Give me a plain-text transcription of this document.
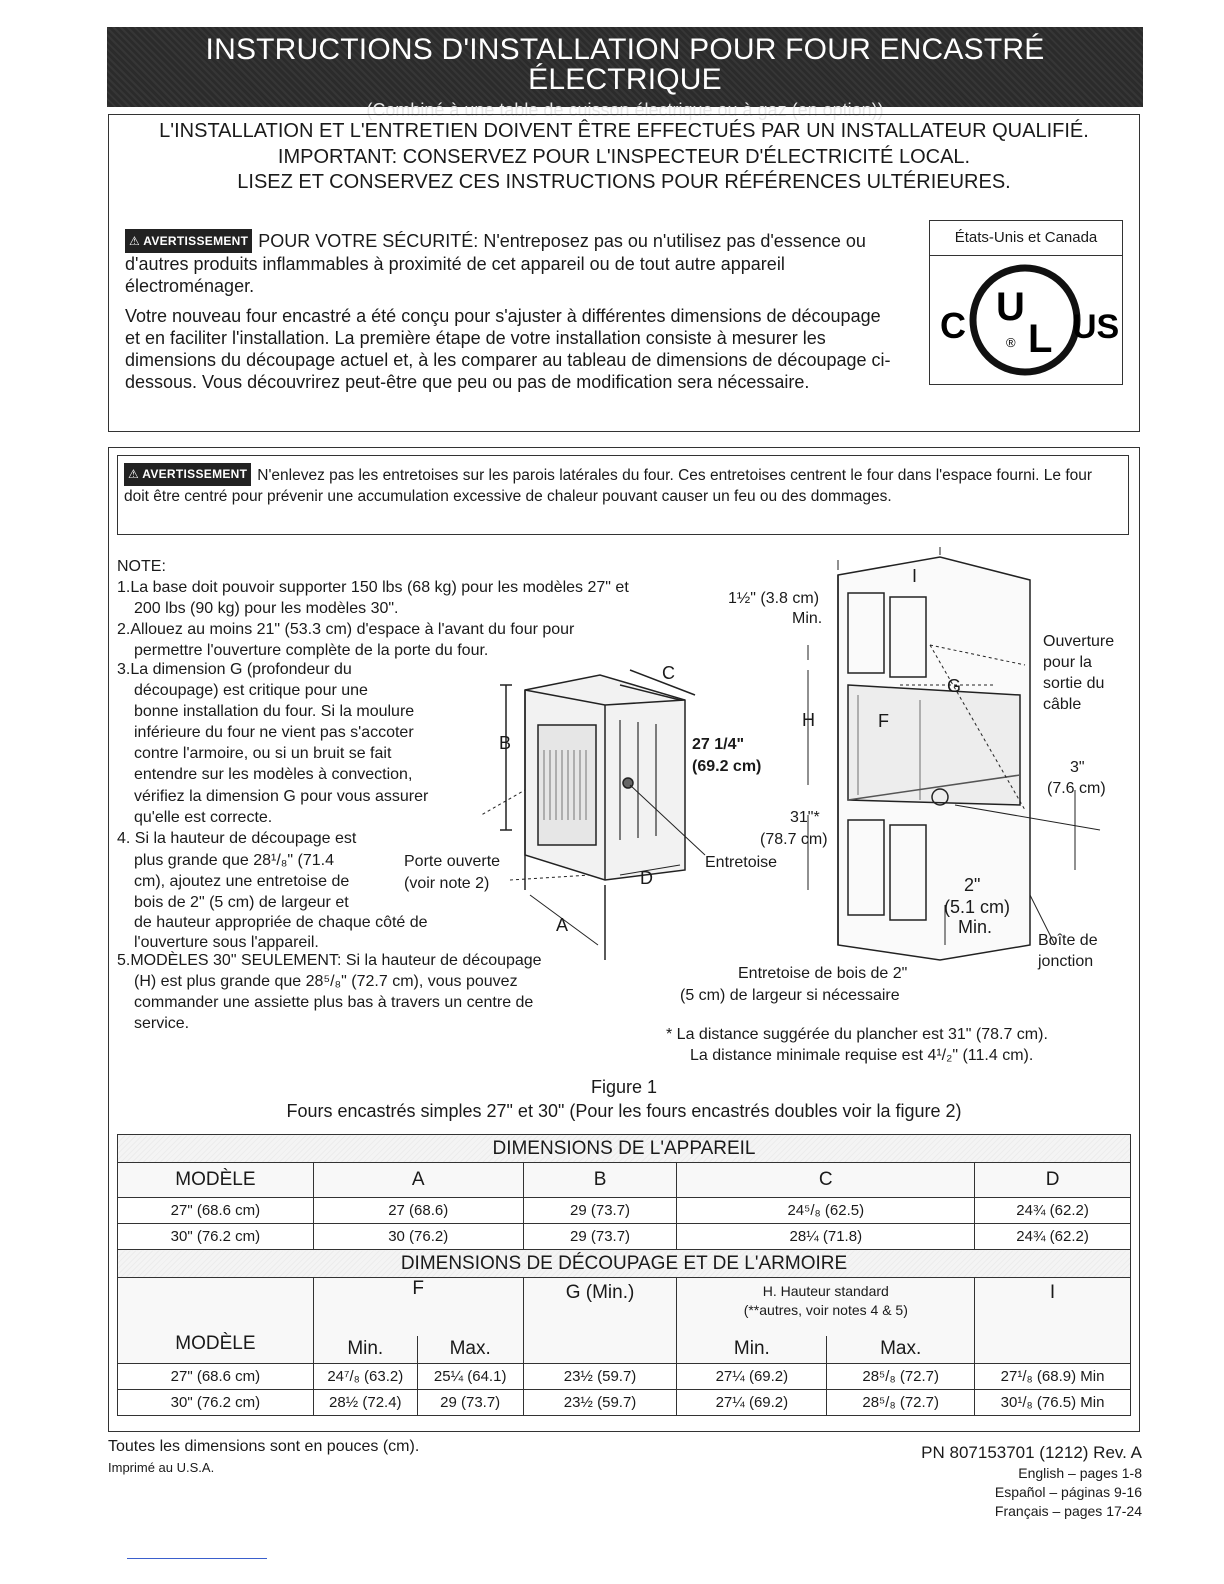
INSTRUCTIONS D'INSTALLATION POUR FOUR ENCASTRÉ ÉLECTRIQUE
(Combiné à une table de cuisson électrique ou à gaz (en option))
L'INSTALLATION ET L'ENTRETIEN DOIVENT ÊTRE EFFECTUÉS PAR UN INSTALLATEUR QUALIFIÉ.
IMPORTANT: CONSERVEZ POUR L'INSPECTEUR D'ÉLECTRICITÉ LOCAL.
LISEZ ET CONSERVEZ CES INSTRUCTIONS POUR RÉFÉRENCES ULTÉRIEURES.
⚠ AVERTISSEMENT POUR VOTRE SÉCURITÉ: N'entreposez pas ou n'utilisez pas d'essence ou d'autres produits inflammables à proximité de cet appareil ou de tout autre appareil électroménager.
Votre nouveau four encastré a été conçu pour s'ajuster à différentes dimensions de découpage et en faciliter l'installation. La première étape de votre installation consiste à mesurer les dimensions du découpage actuel et, à les comparer au tableau de dimensions de découpage ci-dessous. Vous découvrirez peut-être que peu ou pas de modification sera nécessaire.
États-Unis et Canada
C	US
U
L
®
⚠ AVERTISSEMENT N'enlevez pas les entretoises sur les parois latérales du four. Ces entretoises centrent le four dans l'espace fourni. Le four doit être centré pour prévenir une accumulation excessive de chaleur pouvant causer un feu ou des dommages.
NOTE:
1.La base doit pouvoir supporter 150 lbs (68 kg) pour les modèles 27" et
200 lbs (90 kg) pour les modèles 30".
2.Allouez au moins 21" (53.3 cm) d'espace à l'avant du four pour
permettre l'ouverture complète de la porte du four.
3.La dimension G (profondeur du
découpage) est critique pour une
bonne installation du four. Si la moulure
inférieure du four ne vient pas s'accoter
contre l'armoire, ou si un bruit se fait
entendre sur les modèles à convection,
vérifiez la dimension G pour vous assurer
qu'elle est correcte.
4. Si la hauteur de découpage est
plus grande que 28¹/₈" (71.4
cm), ajoutez une entretoise de
bois de 2" (5 cm) de largeur et
de hauteur appropriée de chaque côté de
l'ouverture sous l'appareil.
5.MODÈLES 30" SEULEMENT: Si la hauteur de découpage
(H) est plus grande que 28⁵/₈" (72.7 cm), vous pouvez
commander une assiette plus bas à travers un centre de
service.
B
C
D
A
27 1/4"
(69.2 cm)
Entretoise
Porte ouverte
(voir note 2)
1½" (3.8 cm)
Min.
H
I
G
F
31"*
(78.7 cm)
Ouverture
pour la
sortie du
câble
3"
(7.6 cm)
2"
(5.1 cm)
Min.
Boîte de
jonction
Entretoise de bois de 2"
(5 cm) de largeur si nécessaire
* La distance suggérée du plancher est 31" (78.7 cm).
La distance minimale requise est 4¹/₂" (11.4 cm).
Figure 1
Fours encastrés simples 27" et 30" (Pour les fours encastrés doubles voir la figure 2)
DIMENSIONS DE L'APPAREIL						
MODÈLE	A		B	C		D
27" (68.6 cm)	27 (68.6)		29 (73.7)	24⁵/₈ (62.5)		24¾ (62.2)
30" (76.2 cm)	30 (76.2)		29 (73.7)	28¼ (71.8)		24¾ (62.2)
DIMENSIONS DE DÉCOUPAGE ET DE L'ARMOIRE						
MODÈLE	F		G (Min.)	H. Hauteur standard
(**autres, voir notes 4 & 5)		I
	Min.	Max.		Min.	Max.	
27" (68.6 cm)	24⁷/₈ (63.2)	25¼ (64.1)	23½ (59.7)	27¼ (69.2)	28⁵/₈ (72.7)	27¹/₈ (68.9) Min
30" (76.2 cm)	28½ (72.4)	29 (73.7)	23½ (59.7)	27¼ (69.2)	28⁵/₈ (72.7)	30¹/₈ (76.5) Min
Toutes les dimensions sont en pouces (cm).
Imprimé au U.S.A.
PN 807153701 (1212) Rev. A
English – pages 1-8
Español – páginas 9-16
Français – pages 17-24
